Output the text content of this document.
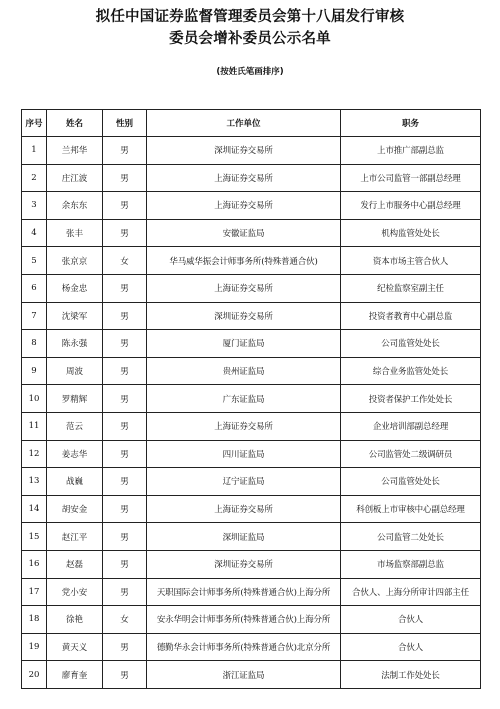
拟任中国证券监督管理委员会第十八届发行审核
委员会增补委员公示名单
(按姓氏笔画排序)
序号	姓名	性别	工作单位	职务
1	兰邦华	男	深圳证券交易所	上市推广部副总监
2	庄江波	男	上海证券交易所	上市公司监管一部副总经理
3	余东东	男	上海证券交易所	发行上市服务中心副总经理
4	张丰	男	安徽证监局	机构监管处处长
5	张京京	女	华马威华振会计师事务所(特殊普通合伙)	资本市场主管合伙人
6	杨金忠	男	上海证券交易所	纪检监察室副主任
7	沈梁军	男	深圳证券交易所	投资者教育中心副总监
8	陈永强	男	厦门证监局	公司监管处处长
9	周波	男	贵州证监局	综合业务监管处处长
10	罗精辉	男	广东证监局	投资者保护工作处处长
11	范云	男	上海证券交易所	企业培训部副总经理
12	姜志华	男	四川证监局	公司监管处二级调研员
13	战巍	男	辽宁证监局	公司监管处处长
14	胡安金	男	上海证券交易所	科创板上市审核中心副总经理
15	赵江平	男	深圳证监局	公司监管二处处长
16	赵磊	男	深圳证券交易所	市场监察部副总监
17	党小安	男	天职国际会计师事务所(特殊普通合伙)上海分所	合伙人、上海分所审计四部主任
18	徐艳	女	安永华明会计师事务所(特殊普通合伙)上海分所	合伙人
19	黄天义	男	德勤华永会计师事务所(特殊普通合伙)北京分所	合伙人
20	廖育奎	男	浙江证监局	法制工作处处长
